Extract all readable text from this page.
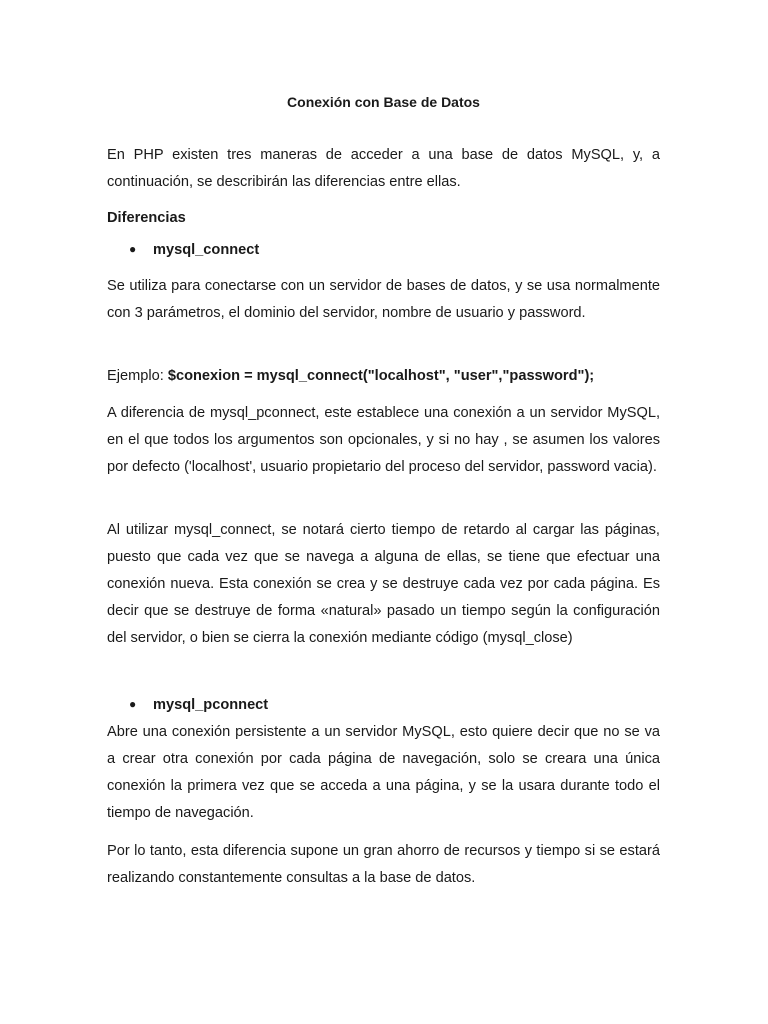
Conexión con Base de Datos

En PHP existen tres maneras de acceder a una base de datos MySQL, y, a continuación, se describirán las diferencias entre ellas.

Diferencias
● mysql_connect

Se utiliza para conectarse con un servidor de bases de datos, y se usa normalmente con 3 parámetros, el dominio del servidor, nombre de usuario y password.

Ejemplo: $conexion = mysql_connect("localhost", "user","password");

A diferencia de mysql_pconnect, este establece una conexión a un servidor MySQL, en el que todos los argumentos son opcionales, y si no hay , se asumen los valores por defecto ('localhost', usuario propietario del proceso del servidor, password vacia).

Al utilizar mysql_connect, se notará cierto tiempo de retardo al cargar las páginas, puesto que cada vez que se navega a alguna de ellas, se tiene que efectuar una conexión nueva. Esta conexión se crea y se destruye cada vez por cada página. Es decir que se destruye de forma «natural» pasado un tiempo según la configuración del servidor, o bien se cierra la conexión mediante código (mysql_close)

● mysql_pconnect

Abre una conexión persistente a un servidor MySQL, esto quiere decir que no se va a crear otra conexión por cada página de navegación, solo se creara una única conexión la primera vez que se acceda a una página, y se la usara durante todo el tiempo de navegación.

Por lo tanto, esta diferencia supone un gran ahorro de recursos y tiempo si se estará realizando constantemente consultas a la base de datos.
